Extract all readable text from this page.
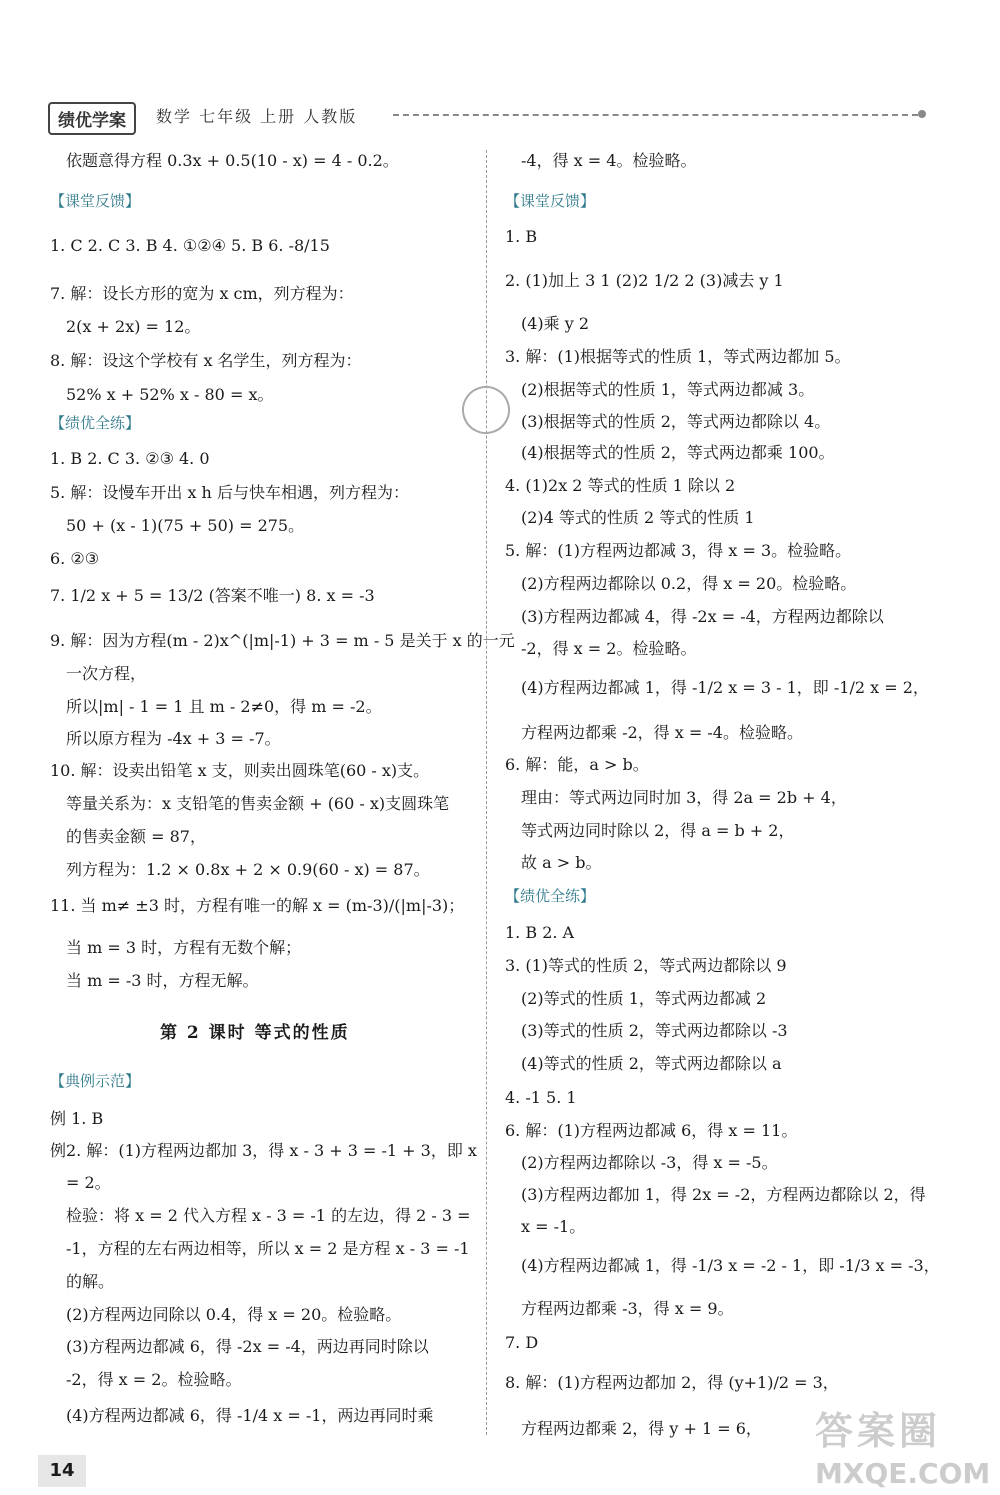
绩优学案	数学 七年级 上册 人教版
依题意得方程 0.3x + 0.5(10 - x) = 4 - 0.2。
【课堂反馈】
1. C 2. C 3. B 4. ①②④ 5. B 6. -8/15
7. 解：设长方形的宽为 x cm，列方程为：
2(x + 2x) = 12。
8. 解：设这个学校有 x 名学生，列方程为：
52% x + 52% x - 80 = x。
【绩优全练】
1. B 2. C 3. ②③ 4. 0
5. 解：设慢车开出 x h 后与快车相遇，列方程为：
50 + (x - 1)(75 + 50) = 275。
6. ②③
7. 1/2 x + 5 = 13/2 (答案不唯一) 8. x = -3
9. 解：因为方程(m - 2)x^(|m|-1) + 3 = m - 5 是关于 x 的一元
一次方程，
所以|m| - 1 = 1 且 m - 2≠0，得 m = -2。
所以原方程为 -4x + 3 = -7。
10. 解：设卖出铅笔 x 支，则卖出圆珠笔(60 - x)支。
等量关系为：x 支铅笔的售卖金额 + (60 - x)支圆珠笔
的售卖金额 = 87，
列方程为：1.2 × 0.8x + 2 × 0.9(60 - x) = 87。
11. 当 m≠ ±3 时，方程有唯一的解 x = (m-3)/(|m|-3)；
当 m = 3 时，方程有无数个解；
当 m = -3 时，方程无解。
第 2 课时 等式的性质
【典例示范】
例 1. B
例2. 解：(1)方程两边都加 3，得 x - 3 + 3 = -1 + 3，即 x
= 2。
检验：将 x = 2 代入方程 x - 3 = -1 的左边，得 2 - 3 =
-1，方程的左右两边相等，所以 x = 2 是方程 x - 3 = -1
的解。
(2)方程两边同除以 0.4，得 x = 20。检验略。
(3)方程两边都减 6，得 -2x = -4，两边再同时除以
-2，得 x = 2。检验略。
(4)方程两边都减 6，得 -1/4 x = -1，两边再同时乘
-4，得 x = 4。检验略。
【课堂反馈】
1. B
2. (1)加上 3 1 (2)2 1/2 2 (3)减去 y 1
(4)乘 y 2
3. 解：(1)根据等式的性质 1，等式两边都加 5。
(2)根据等式的性质 1，等式两边都减 3。
(3)根据等式的性质 2，等式两边都除以 4。
(4)根据等式的性质 2，等式两边都乘 100。
4. (1)2x 2 等式的性质 1 除以 2
(2)4 等式的性质 2 等式的性质 1
5. 解：(1)方程两边都减 3，得 x = 3。检验略。
(2)方程两边都除以 0.2，得 x = 20。检验略。
(3)方程两边都减 4，得 -2x = -4，方程两边都除以
-2，得 x = 2。检验略。
(4)方程两边都减 1，得 -1/2 x = 3 - 1，即 -1/2 x = 2，
方程两边都乘 -2，得 x = -4。检验略。
6. 解：能，a > b。
理由：等式两边同时加 3，得 2a = 2b + 4，
等式两边同时除以 2，得 a = b + 2，
故 a > b。
【绩优全练】
1. B 2. A
3. (1)等式的性质 2，等式两边都除以 9
(2)等式的性质 1，等式两边都减 2
(3)等式的性质 2，等式两边都除以 -3
(4)等式的性质 2，等式两边都除以 a
4. -1 5. 1
6. 解：(1)方程两边都减 6，得 x = 11。
(2)方程两边都除以 -3，得 x = -5。
(3)方程两边都加 1，得 2x = -2，方程两边都除以 2，得
x = -1。
(4)方程两边都减 1，得 -1/3 x = -2 - 1，即 -1/3 x = -3，
方程两边都乘 -3，得 x = 9。
7. D
8. 解：(1)方程两边都加 2，得 (y+1)/2 = 3，
方程两边都乘 2，得 y + 1 = 6，
14
答案圈
MXQE.COM
